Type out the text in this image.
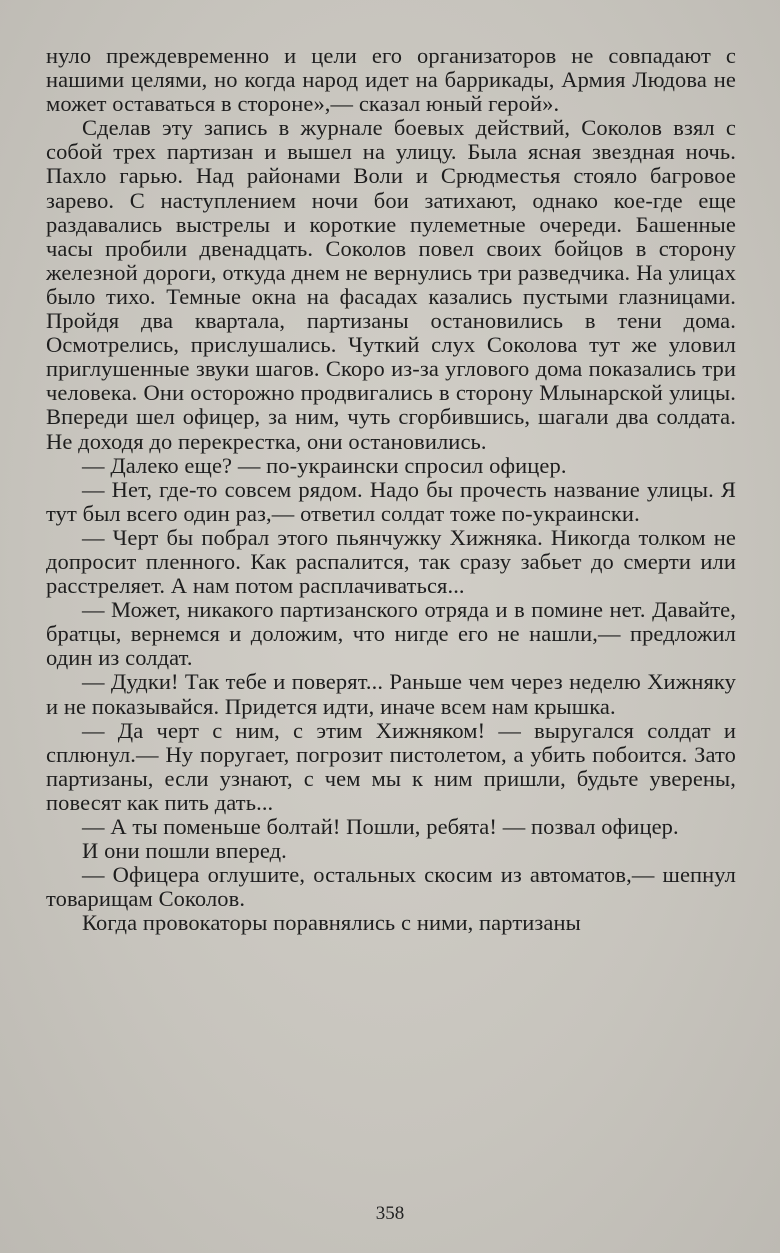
нуло преждевременно и цели его организаторов не совпадают с нашими целями, но когда народ идет на баррикады, Армия Людова не может оставаться в стороне»,— сказал юный герой».

Сделав эту запись в журнале боевых действий, Соколов взял с собой трех партизан и вышел на улицу. Была ясная звездная ночь. Пахло гарью. Над районами Воли и Срюдместья стояло багровое зарево. С наступлением ночи бои затихают, однако кое-где еще раздавались выстрелы и короткие пулеметные очереди. Башенные часы пробили двенадцать. Соколов повел своих бойцов в сторону железной дороги, откуда днем не вернулись три разведчика. На улицах было тихо. Темные окна на фасадах казались пустыми глазницами. Пройдя два квартала, партизаны остановились в тени дома. Осмотрелись, прислушались. Чуткий слух Соколова тут же уловил приглушенные звуки шагов. Скоро из-за углового дома показались три человека. Они осторожно продвигались в сторону Млынарской улицы. Впереди шел офицер, за ним, чуть сгорбившись, шагали два солдата. Не доходя до перекрестка, они остановились.

— Далеко еще? — по-украински спросил офицер.

— Нет, где-то совсем рядом. Надо бы прочесть название улицы. Я тут был всего один раз,— ответил солдат тоже по-украински.

— Черт бы побрал этого пьянчужку Хижняка. Никогда толком не допросит пленного. Как распалится, так сразу забьет до смерти или расстреляет. А нам потом расплачиваться...

— Может, никакого партизанского отряда и в помине нет. Давайте, братцы, вернемся и доложим, что нигде его не нашли,— предложил один из солдат.

— Дудки! Так тебе и поверят... Раньше чем через неделю Хижняку и не показывайся. Придется идти, иначе всем нам крышка.

— Да черт с ним, с этим Хижняком! — выругался солдат и сплюнул.— Ну поругает, погрозит пистолетом, а убить побоится. Зато партизаны, если узнают, с чем мы к ним пришли, будьте уверены, повесят как пить дать...

— А ты поменьше болтай! Пошли, ребята! — позвал офицер.

И они пошли вперед.

— Офицера оглушите, остальных скосим из автоматов,— шепнул товарищам Соколов.

Когда провокаторы поравнялись с ними, партизаны

358
